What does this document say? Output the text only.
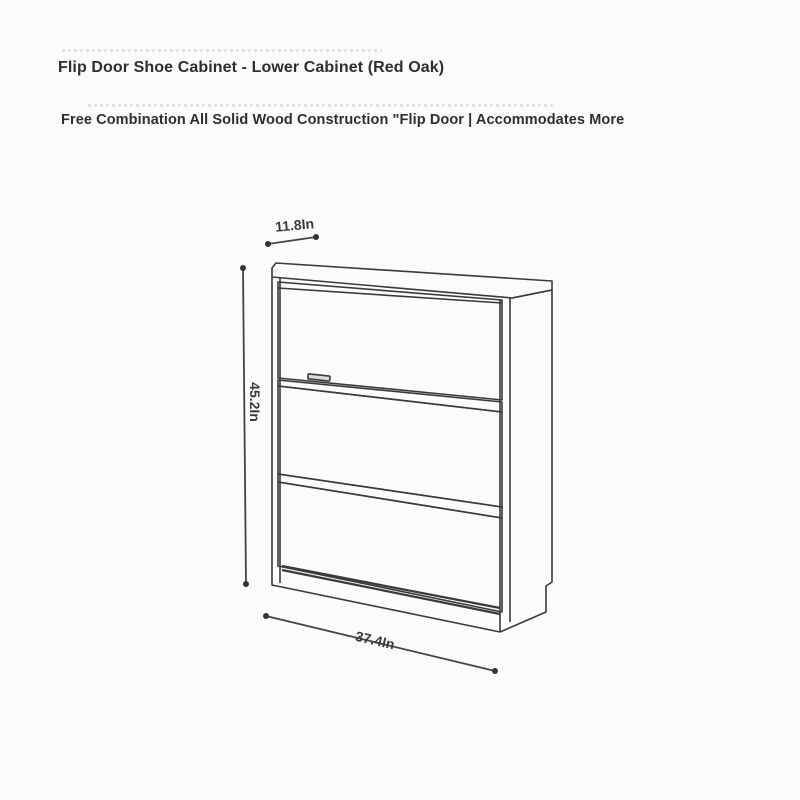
Flip Door Shoe Cabinet - Lower Cabinet (Red Oak)
Free Combination All Solid Wood Construction "Flip Door | Accommodates More
45.2In
11.8In
37.4In
